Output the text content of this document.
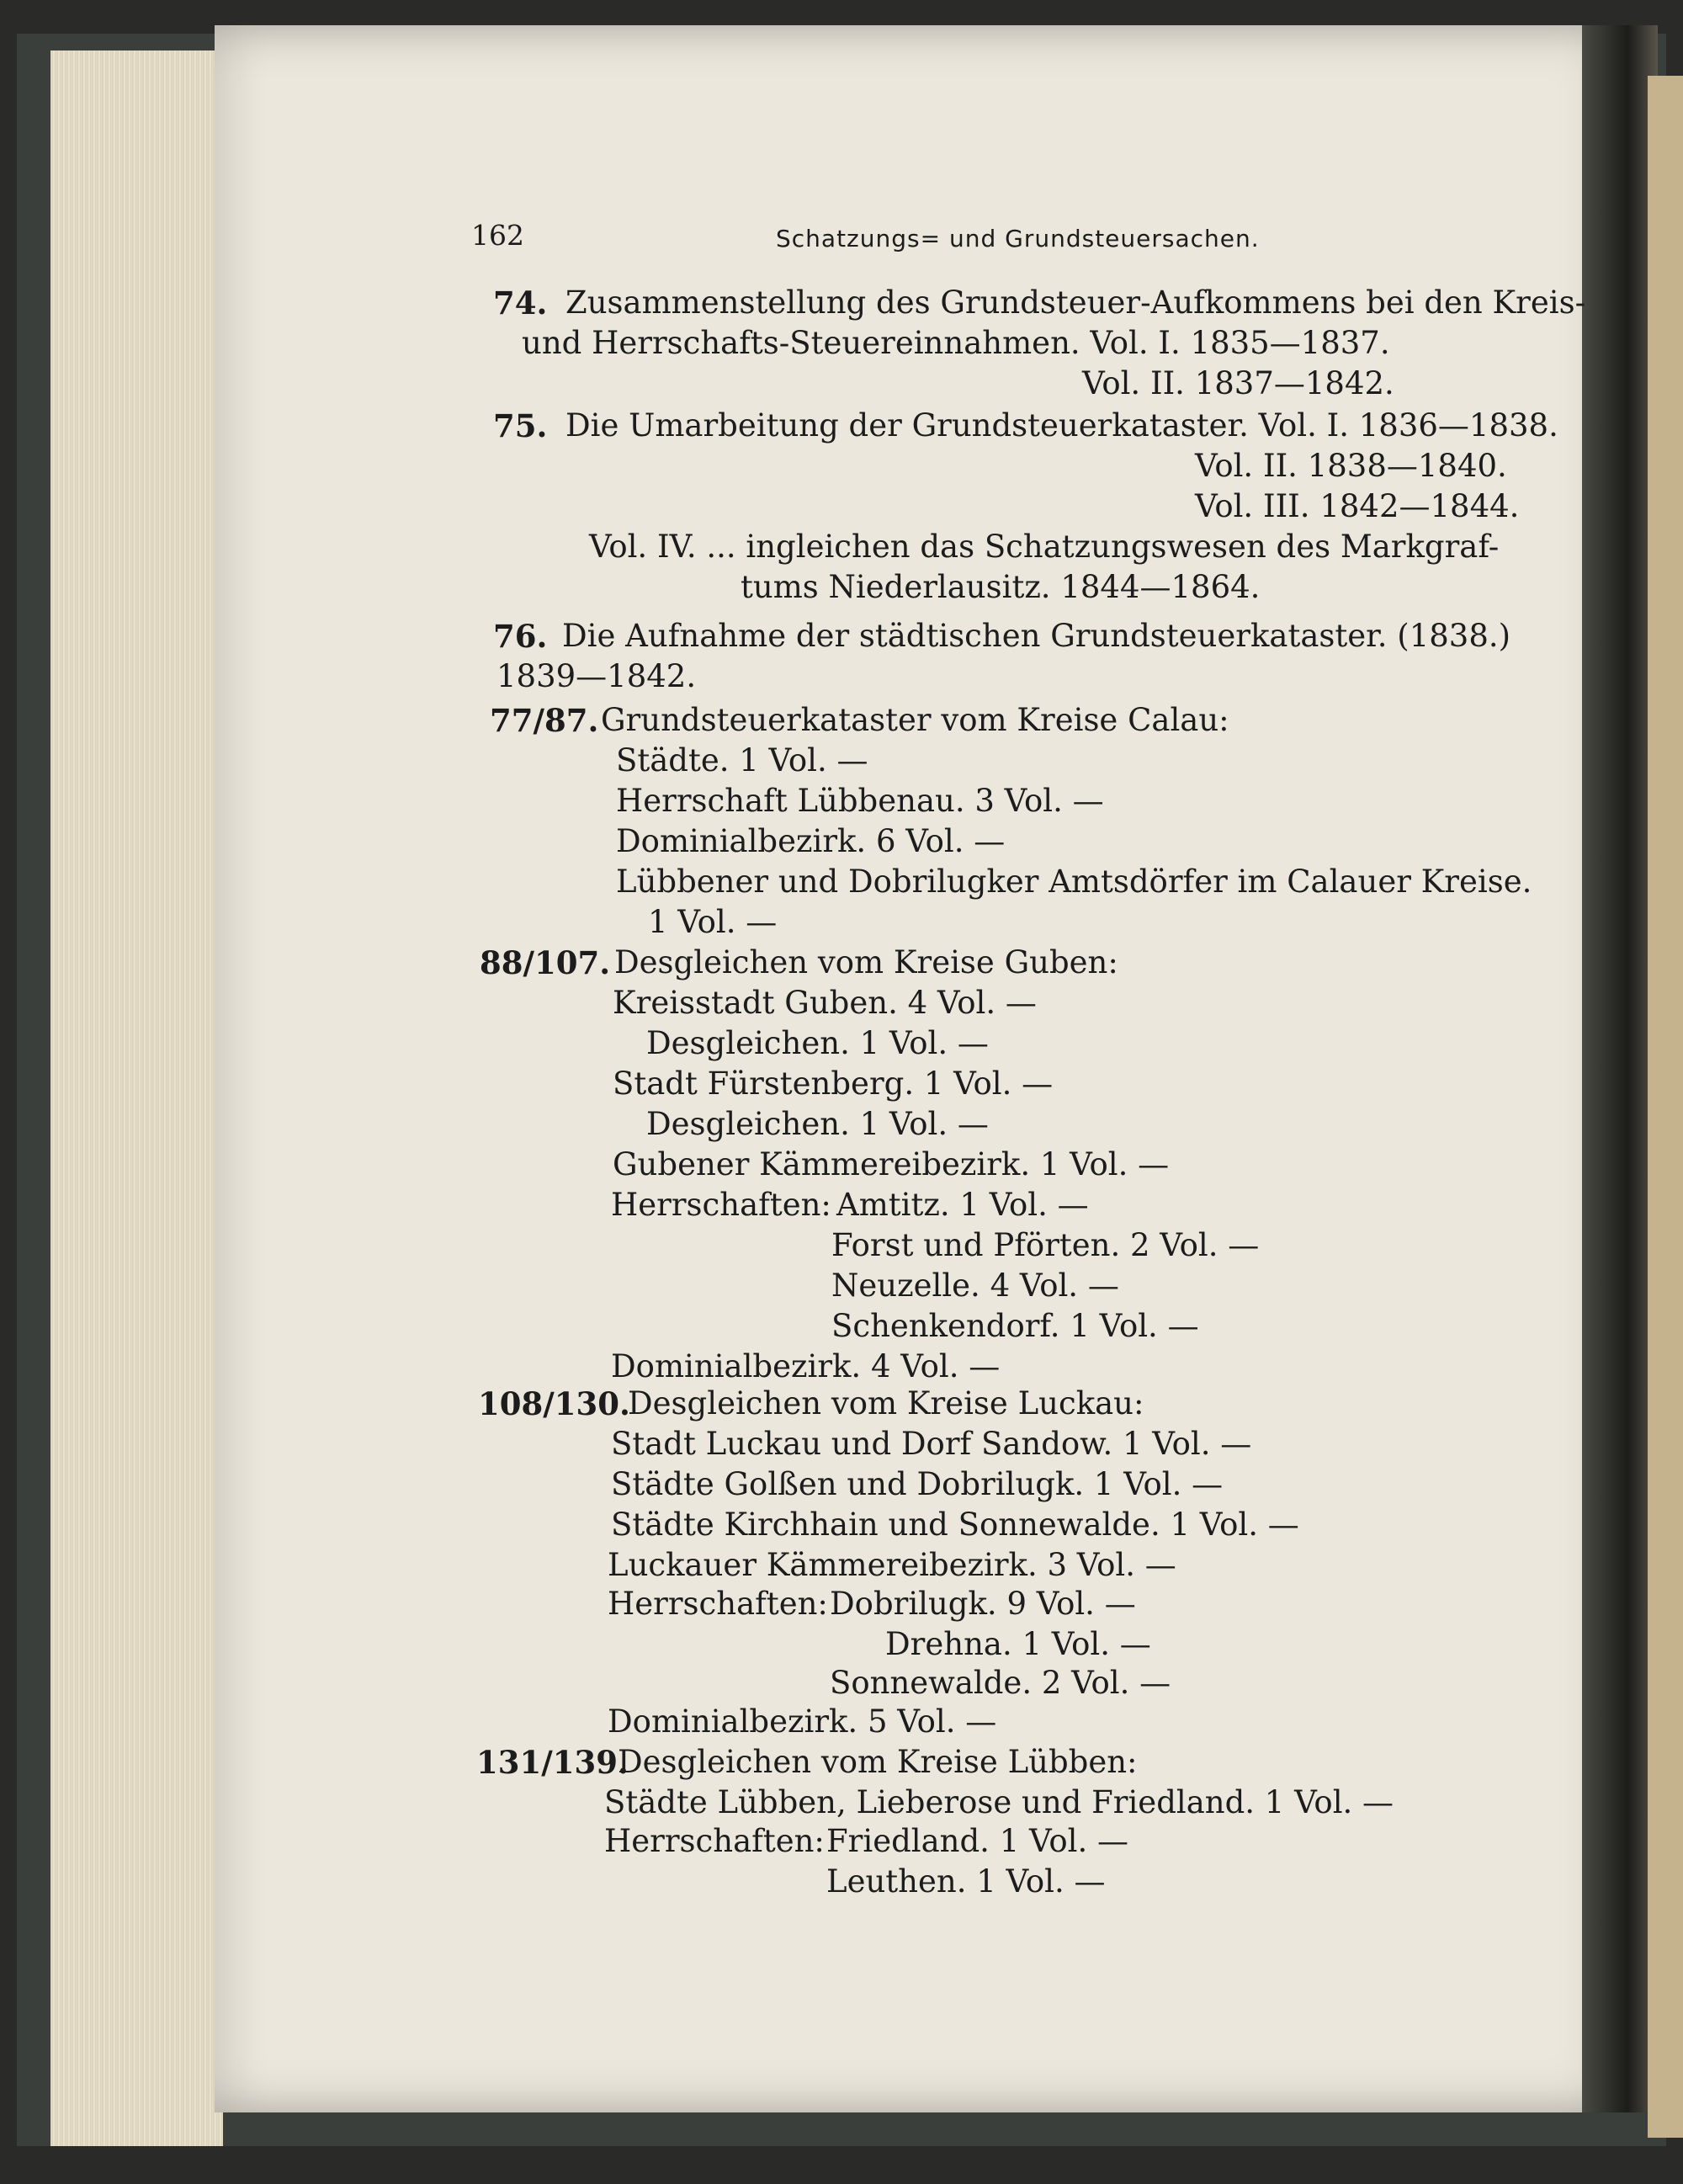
162	Schatzungs= und Grundsteuersachen.
74. Zusammenstellung des Grundsteuer-Aufkommens bei den Kreis-
und Herrschafts-Steuereinnahmen. Vol. I. 1835—1837.
Vol. II. 1837—1842.
75. Die Umarbeitung der Grundsteuerkataster. Vol. I. 1836—1838.
Vol. II. 1838—1840.
Vol. III. 1842—1844.
Vol. IV. ... ingleichen das Schatzungswesen des Markgraf-
tums Niederlausitz. 1844—1864.
76. Die Aufnahme der städtischen Grundsteuerkataster. (1838.)
1839—1842.
77/87. Grundsteuerkataster vom Kreise Calau:
Städte. 1 Vol. —
Herrschaft Lübbenau. 3 Vol. —
Dominialbezirk. 6 Vol. —
Lübbener und Dobrilugker Amtsdörfer im Calauer Kreise.
1 Vol. —
88/107. Desgleichen vom Kreise Guben:
Kreisstadt Guben. 4 Vol. —
Desgleichen. 1 Vol. —
Stadt Fürstenberg. 1 Vol. —
Desgleichen. 1 Vol. —
Gubener Kämmereibezirk. 1 Vol. —
Herrschaften: Amtitz. 1 Vol. —
Forst und Pförten. 2 Vol. —
Neuzelle. 4 Vol. —
Schenkendorf. 1 Vol. —
Dominialbezirk. 4 Vol. —
108/130.
Desgleichen vom Kreise Luckau:
Stadt Luckau und Dorf Sandow. 1 Vol. —
Städte Golßen und Dobrilugk. 1 Vol. —
Städte Kirchhain und Sonnewalde. 1 Vol. —
Luckauer Kämmereibezirk. 3 Vol. —
Herrschaften: Dobrilugk. 9 Vol. —
Drehna. 1 Vol. —
Sonnewalde. 2 Vol. —
Dominialbezirk. 5 Vol. —
131/139.
Desgleichen vom Kreise Lübben:
Städte Lübben, Lieberose und Friedland. 1 Vol. —
Herrschaften: Friedland. 1 Vol. —
Leuthen. 1 Vol. —
